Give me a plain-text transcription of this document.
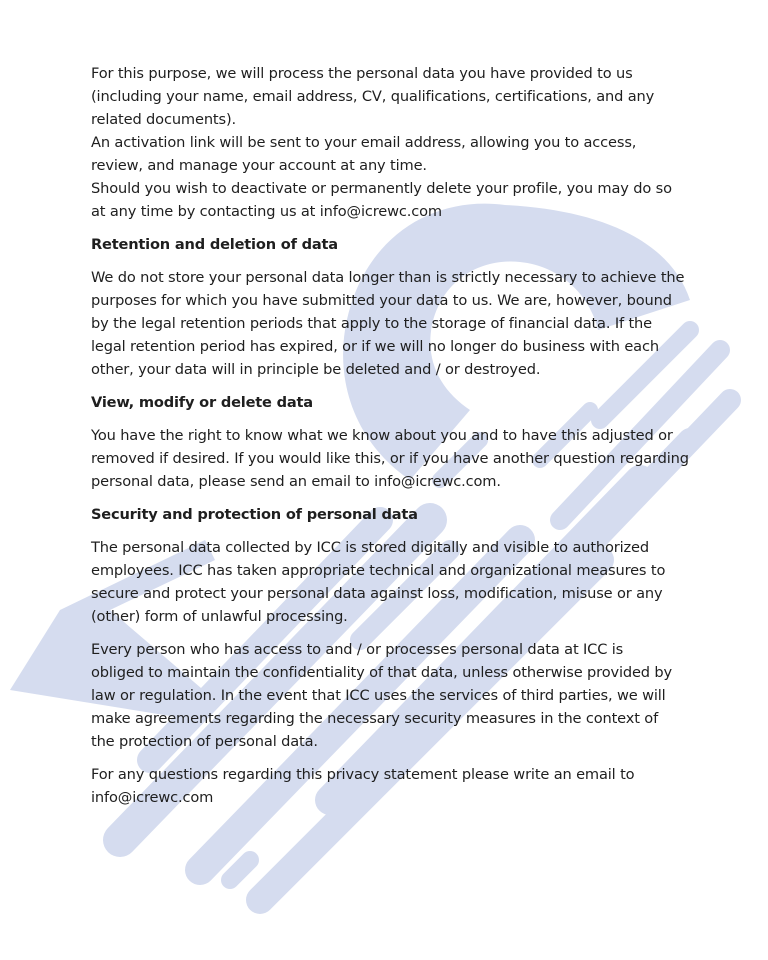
For this purpose, we will process the personal data you have provided to us
(including your name, email address, CV, qualifications, certifications, and any
related documents).
An activation link will be sent to your email address, allowing you to access,
review, and manage your account at any time.
Should you wish to deactivate or permanently delete your profile, you may do so
at any time by contacting us at info@icrewc.com

Retention and deletion of data

We do not store your personal data longer than is strictly necessary to achieve the
purposes for which you have submitted your data to us. We are, however, bound
by the legal retention periods that apply to the storage of financial data. If the
legal retention period has expired, or if we will no longer do business with each
other, your data will in principle be deleted and / or destroyed.

View, modify or delete data

You have the right to know what we know about you and to have this adjusted or
removed if desired. If you would like this, or if you have another question regarding
personal data, please send an email to info@icrewc.com.

Security and protection of personal data

The personal data collected by ICC is stored digitally and visible to authorized
employees. ICC has taken appropriate technical and organizational measures to
secure and protect your personal data against loss, modification, misuse or any
(other) form of unlawful processing.

Every person who has access to and / or processes personal data at ICC is
obliged to maintain the confidentiality of that data, unless otherwise provided by
law or regulation. In the event that ICC uses the services of third parties, we will
make agreements regarding the necessary security measures in the context of
the protection of personal data.

For any questions regarding this privacy statement please write an email to
info@icrewc.com
